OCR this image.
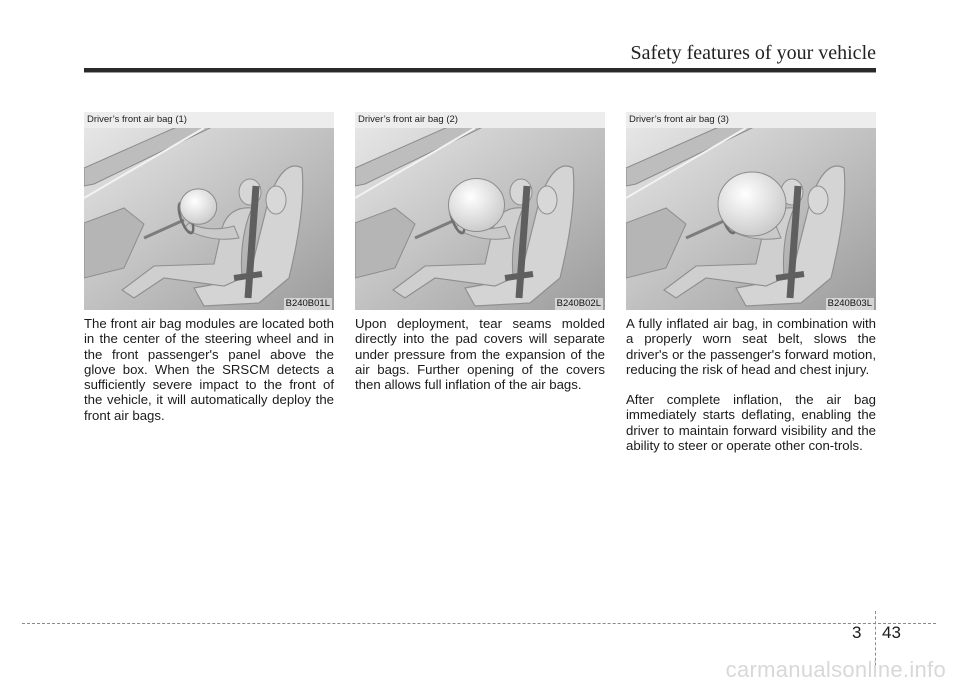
Safety features of your vehicle
Driver’s front air bag (1)
B240B01L
Driver’s front air bag (2)
B240B02L
Driver’s front air bag (3)
B240B03L

The front air bag modules are located both in the center of the steering wheel and in the front passenger's panel above the glove box. When the SRSCM detects a sufficiently severe impact to the front of the vehicle, it will automatically deploy the front air bags.

Upon deployment, tear seams molded directly into the pad covers will separate under pressure from the expansion of the air bags. Further opening of the covers then allows full inflation of the air bags.

A fully inflated air bag, in combination with a properly worn seat belt, slows the driver's or the passenger's forward motion, reducing the risk of head and chest injury.

After complete inflation, the air bag immediately starts deflating, enabling the driver to maintain forward visibility and the ability to steer or operate other con-trols.

3 43
carmanualsonline.info
